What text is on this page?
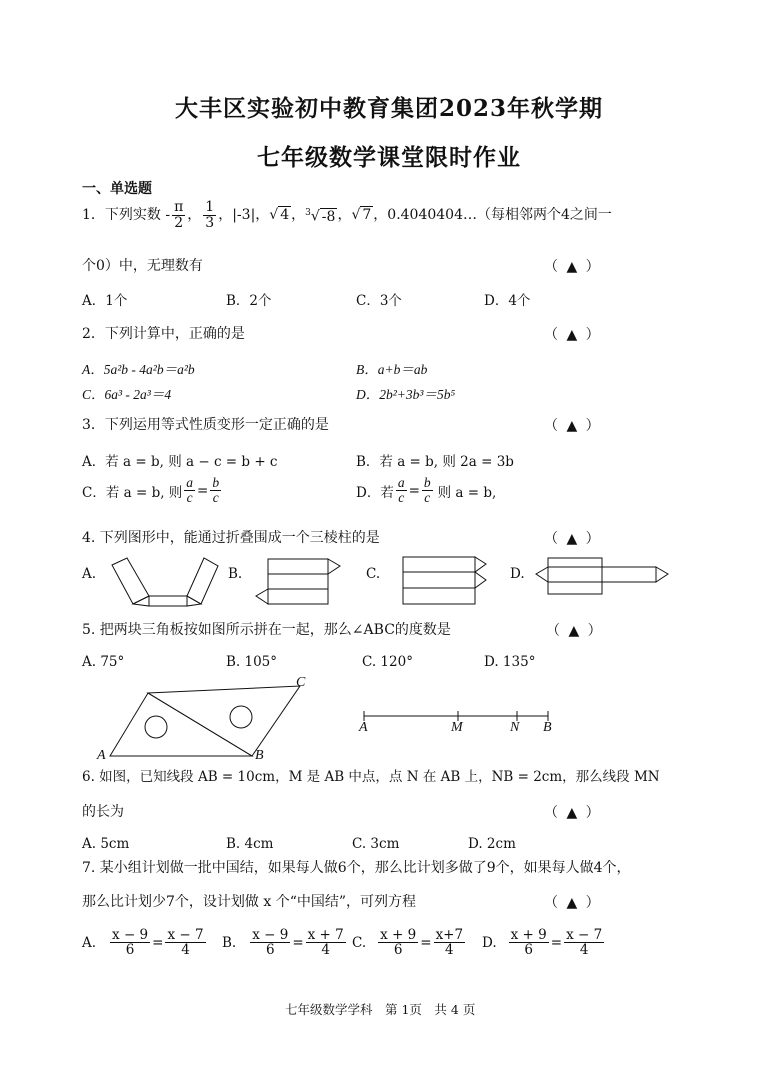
大丰区实验初中教育集团2023年秋学期
七年级数学课堂限时作业
一、单选题
1．下列实数 - $\frac{\pi}{2}$ ， $\frac{1}{3}$ ，|-3|， √ 4 ， $^3$√ -8 ， √ 7 ，0.4040404…（每相邻两个4之间一
个0）中，无理数有	（ ▲ ）
A．1个	B．2个	C．3个	D．4个
2．下列计算中，正确的是	（ ▲ ）
A．5a²b - 4a²b＝a²b	B．a+b＝ab
C．6a³ - 2a³＝4	D．2b²+3b³＝5b⁵
3．下列运用等式性质变形一定正确的是	（ ▲ ）
A．若 a = b, 则 a − c = b + c	B．若 a = b, 则 2a = 3b
C．若 a = b, 则 $\frac{a}{c} = \frac{b}{c}$	D．若 $\frac{a}{c} = \frac{b}{c}$ 则 a = b,
4. 下列图形中，能通过折叠围成一个三棱柱的是	（ ▲ ）
A.	B.	C.	D.
5. 把两块三角板按如图所示拼在一起，那么∠ABC的度数是	（ ▲ ）
A. 75°	B. 105°	C. 120°	D. 135°
A	B
C
A	M	N B
6. 如图，已知线段 AB = 10cm，M 是 AB 中点，点 N 在 AB 上，NB = 2cm，那么线段 MN
的长为	（ ▲ ）
A. 5cm	B. 4cm	C. 3cm	D. 2cm
7. 某小组计划做一批中国结，如果每人做6个，那么比计划多做了9个，如果每人做4个，
那么比计划少7个，设计划做 x 个“中国结”，可列方程	（ ▲ ）
A. $\frac{x - 9}{6} = \frac{x - 7}{4} B$. $\frac{x - 9}{6} = \frac{x + 7}{4} C$. $\frac{x + 9}{6} = \frac{x+7}{4} D$. $\frac{x + 9}{6} = \frac{x - 7}{4}$
七年级数学学科　第 1页　共 4 页
